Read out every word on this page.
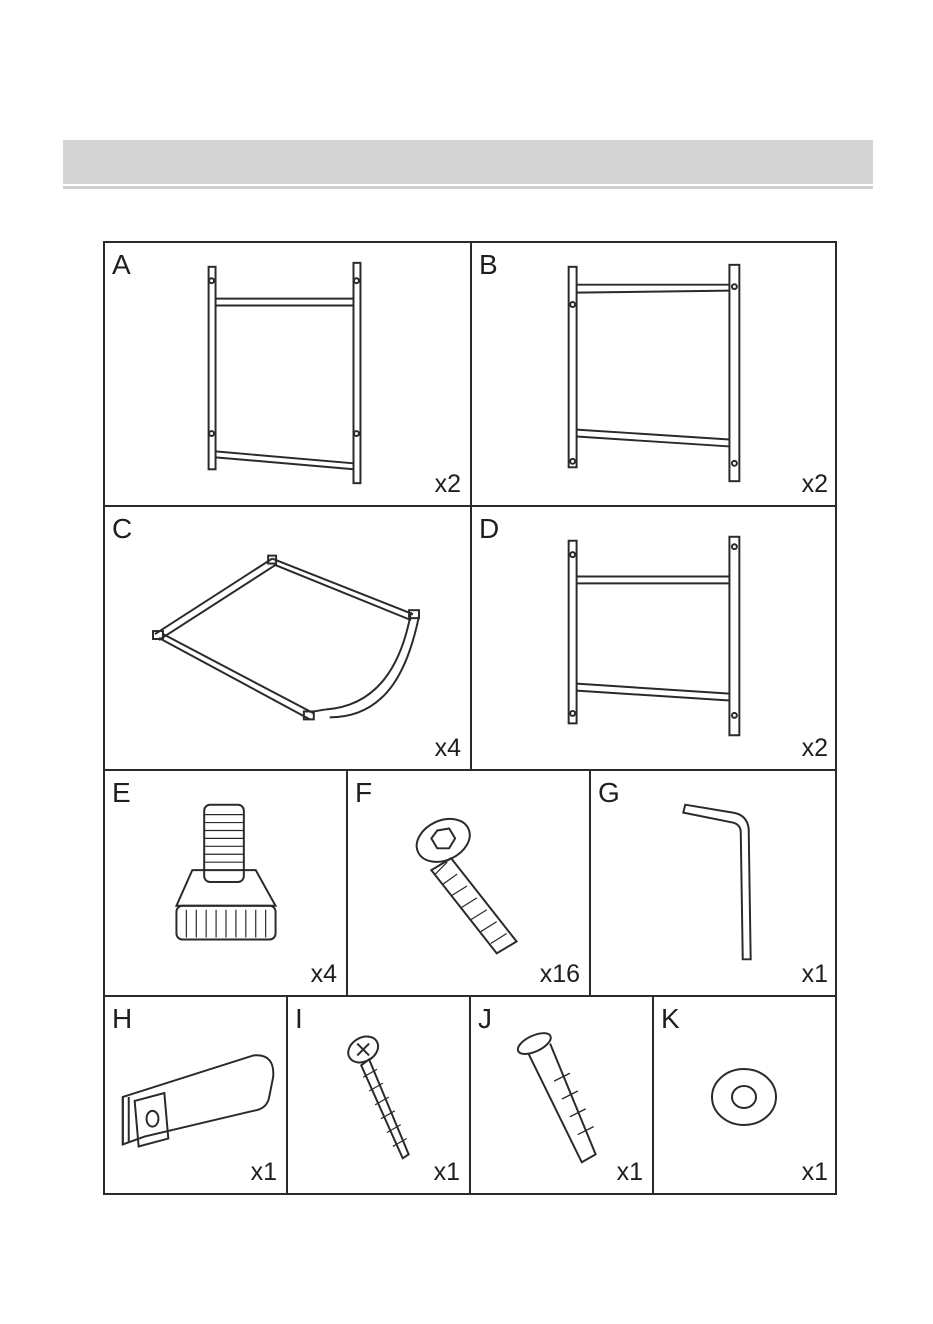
A
x2
B
x2
C
x4
D
x2
E
x4
F
x16
G
x1
H
x1
I
x1
J
x1
K
x1
